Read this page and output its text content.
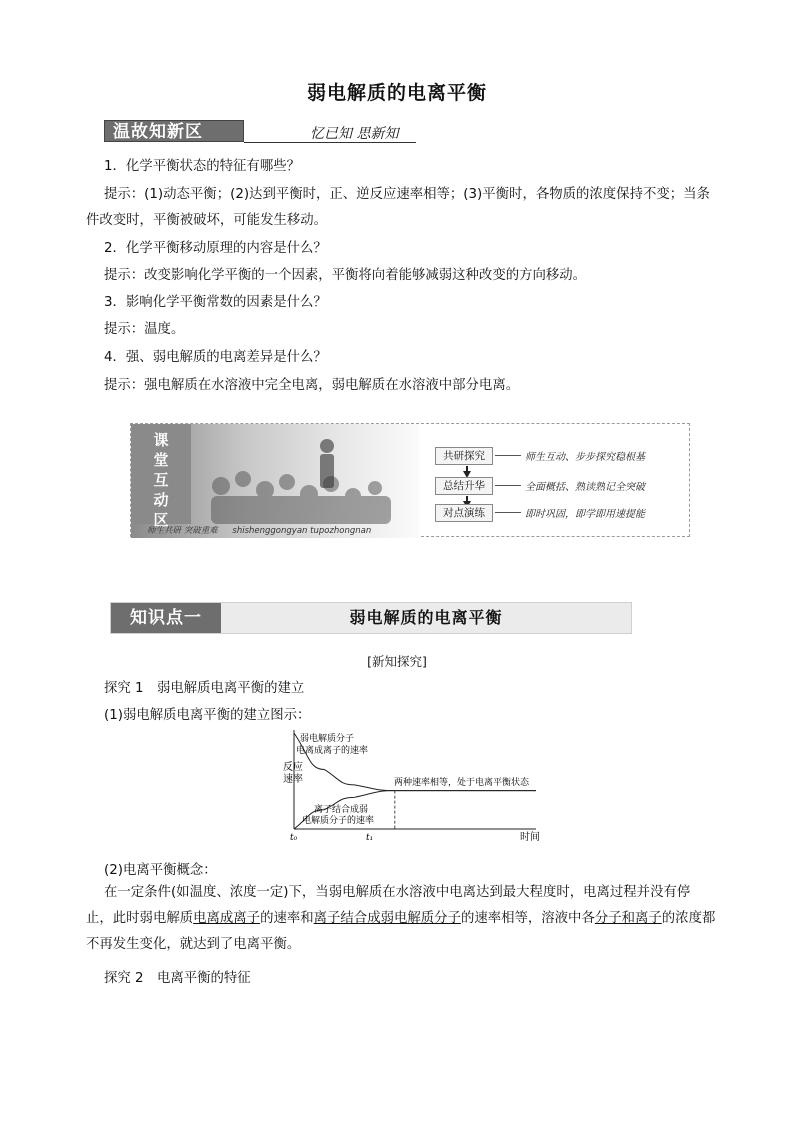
弱电解质的电离平衡
温故知新区	忆已知 思新知
1．化学平衡状态的特征有哪些？
提示：(1)动态平衡；(2)达到平衡时，正、逆反应速率相等；(3)平衡时，各物质的浓度保持不变；当条
件改变时，平衡被破坏，可能发生移动。
2．化学平衡移动原理的内容是什么？
提示：改变影响化学平衡的一个因素，平衡将向着能够减弱这种改变的方向移动。
3．影响化学平衡常数的因素是什么？
提示：温度。
4．强、弱电解质的电离差异是什么？
提示：强电解质在水溶液中完全电离，弱电解质在水溶液中部分电离。
课
堂
互
动
区
师生共研 突破重难 shishenggongyan tupozhongnan
共研探究	师生互动、步步探究稳根基
总结升华	全面概括、熟读熟记全突破
对点演练	即时巩固，即学即用速提能
知识点一	弱电解质的电离平衡
[新知探究]
探究 1　弱电解质电离平衡的建立
(1)弱电解质电离平衡的建立图示：
反应
速率
弱电解质分子
电离成离子的速率
离子结合成弱
电解质分子的速率
两种速率相等，处于电离平衡状态
t₀	t₁	时间
(2)电离平衡概念：

在一定条件(如温度、浓度一定)下，当弱电解质在水溶液中电离达到最大程度时，电离过程并没有停止，此时弱电解质电离成离子的速率和离子结合成弱电解质分子的速率相等，溶液中各分子和离子的浓度都不再发生变化，就达到了电离平衡。

探究 2　电离平衡的特征
